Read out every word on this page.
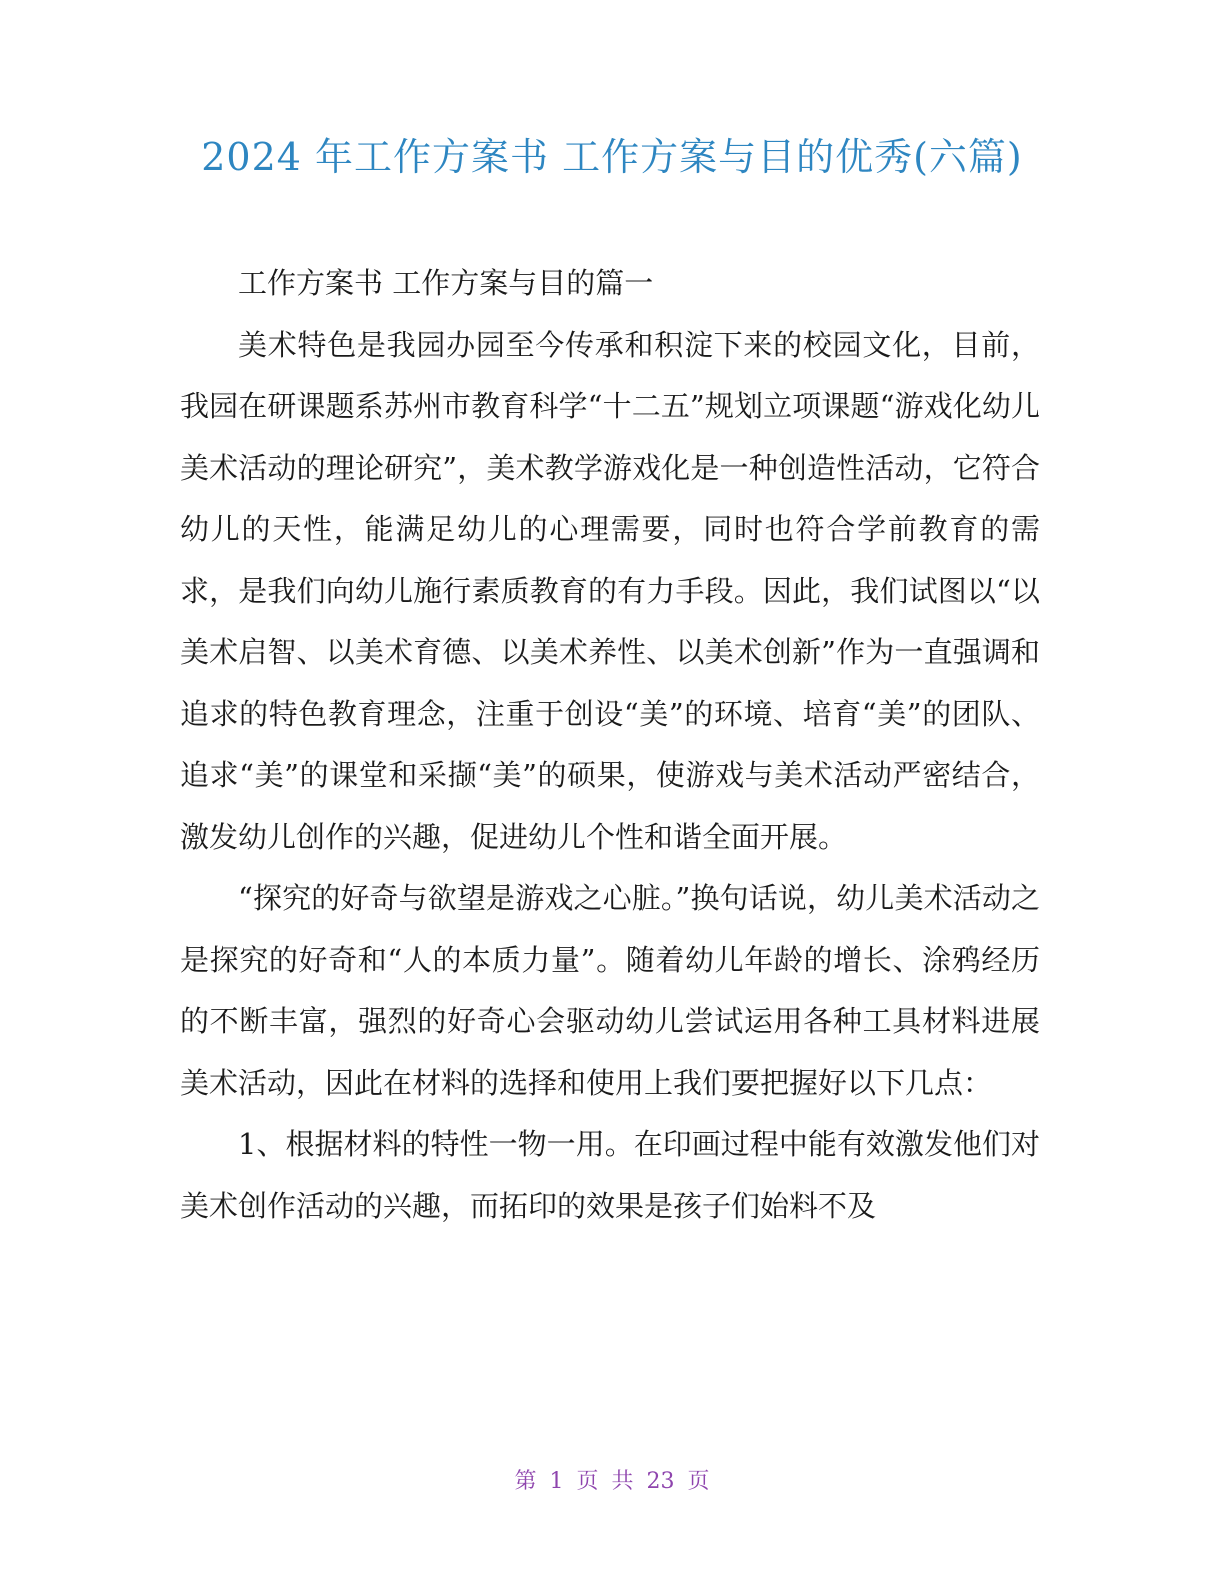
2024 年工作方案书 工作方案与目的优秀(六篇)

工作方案书 工作方案与目的篇一

美术特色是我园办园至今传承和积淀下来的校园文化，目前，我园在研课题系苏州市教育科学“十二五”规划立项课题“游戏化幼儿美术活动的理论研究”，美术教学游戏化是一种创造性活动，它符合幼儿的天性，能满足幼儿的心理需要，同时也符合学前教育的需求，是我们向幼儿施行素质教育的有力手段。因此，我们试图以“以美术启智、以美术育德、以美术养性、以美术创新”作为一直强调和追求的特色教育理念，注重于创设“美”的环境、培育“美”的团队、追求“美”的课堂和采撷“美”的硕果，使游戏与美术活动严密结合，激发幼儿创作的兴趣，促进幼儿个性和谐全面开展。

“探究的好奇与欲望是游戏之心脏。”换句话说，幼儿美术活动之是探究的好奇和“人的本质力量”。随着幼儿年龄的增长、涂鸦经历的不断丰富，强烈的好奇心会驱动幼儿尝试运用各种工具材料进展美术活动，因此在材料的选择和使用上我们要把握好以下几点：

1、根据材料的特性一物一用。在印画过程中能有效激发他们对美术创作活动的兴趣，而拓印的效果是孩子们始料不及

第 1 页 共 23 页
